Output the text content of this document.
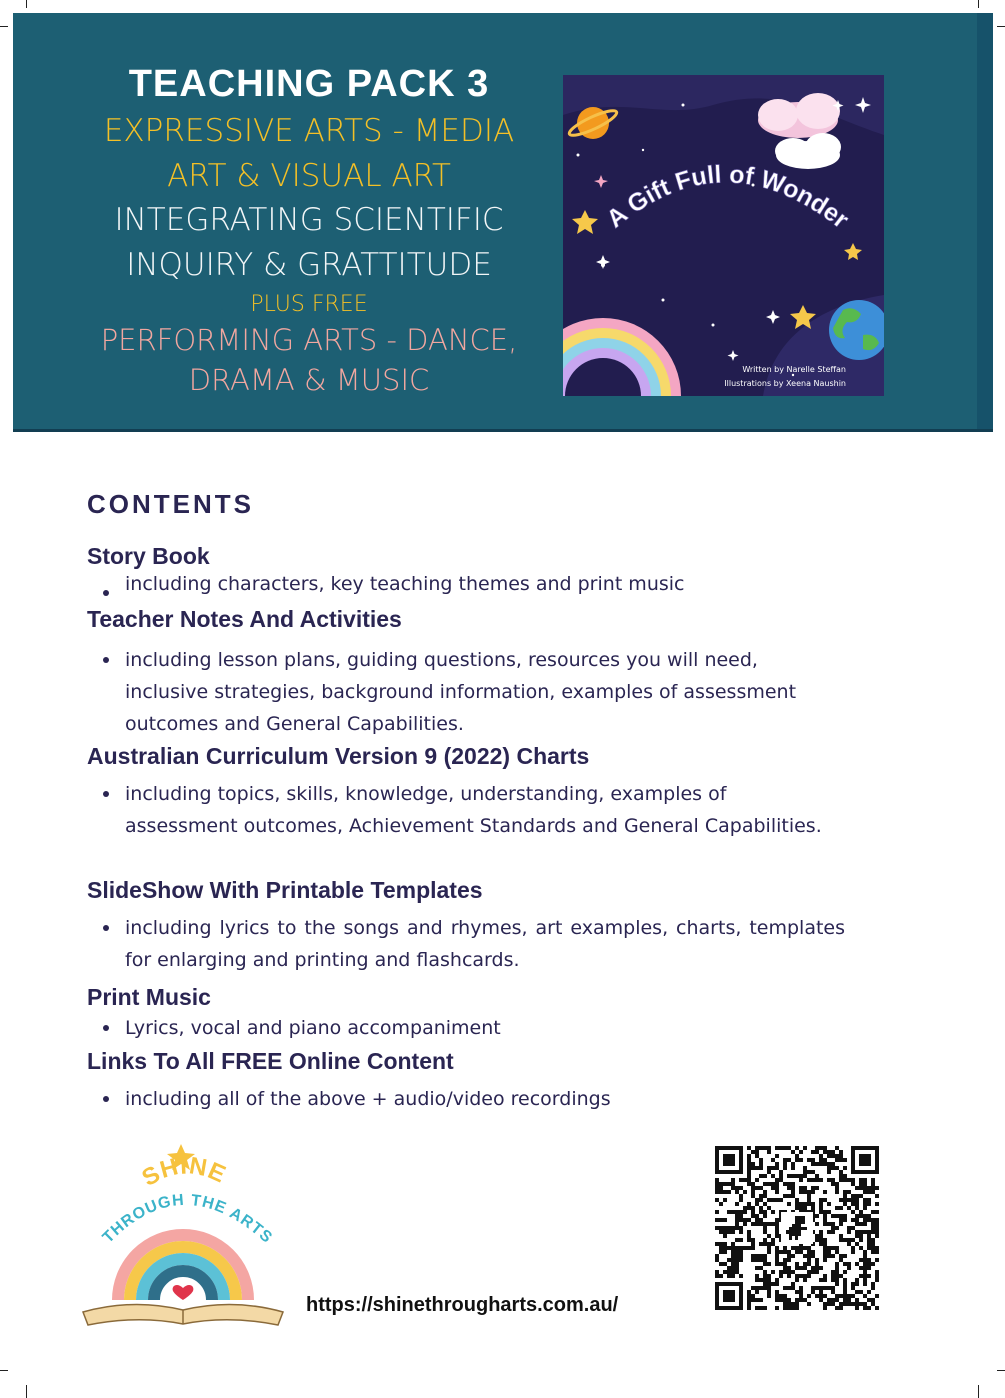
TEACHING PACK 3
EXPRESSIVE ARTS - MEDIA
ART & VISUAL ART
INTEGRATING SCIENTIFIC
INQUIRY & GRATTITUDE
PLUS FREE
PERFORMING ARTS - DANCE,
DRAMA & MUSIC
A Gift Full of Wonder
Written by Narelle Steffan
Illustrations by Xeena Naushin
CONTENTS
Story Book
including characters, key teaching themes and print music
Teacher Notes And Activities
including lesson plans, guiding questions, resources you will need, inclusive strategies, background information, examples of assessment outcomes and General Capabilities.
Australian Curriculum Version 9 (2022) Charts
including topics, skills, knowledge, understanding, examples of assessment outcomes, Achievement Standards and General Capabilities.
SlideShow With Printable Templates
including lyrics to the songs and rhymes, art examples, charts, templates for enlarging and printing and flashcards.
Print Music
Lyrics, vocal and piano accompaniment
Links To All FREE Online Content
including all of the above + audio/video recordings
SHINE
THROUGH THE ARTS
https://shinethrougharts.com.au/
